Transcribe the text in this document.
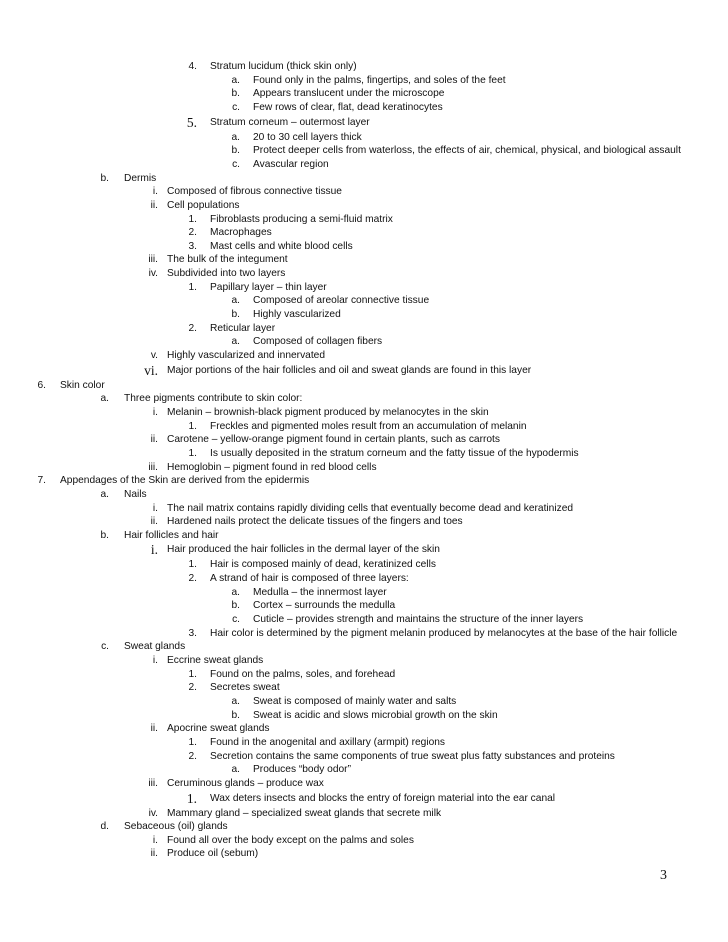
4. Stratum lucidum (thick skin only)
a. Found only in the palms, fingertips, and soles of the feet
b. Appears translucent under the microscope
c. Few rows of clear, flat, dead keratinocytes
5. Stratum corneum – outermost layer
a. 20 to 30 cell layers thick
b. Protect deeper cells from waterloss, the effects of air, chemical, physical, and biological assault
c. Avascular region
b. Dermis
i. Composed of fibrous connective tissue
ii. Cell populations
1. Fibroblasts producing a semi-fluid matrix
2. Macrophages
3. Mast cells and white blood cells
iii. The bulk of the integument
iv. Subdivided into two layers
1. Papillary layer – thin layer
a. Composed of areolar connective tissue
b. Highly vascularized
2. Reticular layer
a. Composed of collagen fibers
v. Highly vascularized and innervated
vi. Major portions of the hair follicles and oil and sweat glands are found in this layer
6. Skin color
a. Three pigments contribute to skin color:
i. Melanin – brownish-black pigment produced by melanocytes in the skin
1. Freckles and pigmented moles result from an accumulation of melanin
ii. Carotene – yellow-orange pigment found in certain plants, such as carrots
1. Is usually deposited in the stratum corneum and the fatty tissue of the hypodermis
iii. Hemoglobin – pigment found in red blood cells
7. Appendages of the Skin are derived from the epidermis
a. Nails
i. The nail matrix contains rapidly dividing cells that eventually become dead and keratinized
ii. Hardened nails protect the delicate tissues of the fingers and toes
b. Hair follicles and hair
i. Hair produced the hair follicles in the dermal layer of the skin
1. Hair is composed mainly of dead, keratinized cells
2. A strand of hair is composed of three layers:
a. Medulla – the innermost layer
b. Cortex – surrounds the medulla
c. Cuticle – provides strength and maintains the structure of the inner layers
3. Hair color is determined by the pigment melanin produced by melanocytes at the base of the hair follicle
c. Sweat glands
i. Eccrine sweat glands
1. Found on the palms, soles, and forehead
2. Secretes sweat
a. Sweat is composed of mainly water and salts
b. Sweat is acidic and slows microbial growth on the skin
ii. Apocrine sweat glands
1. Found in the anogenital and axillary (armpit) regions
2. Secretion contains the same components of true sweat plus fatty substances and proteins
a. Produces “body odor”
iii. Ceruminous glands – produce wax
1. Wax deters insects and blocks the entry of foreign material into the ear canal
iv. Mammary gland – specialized sweat glands that secrete milk
d. Sebaceous (oil) glands
i. Found all over the body except on the palms and soles
ii. Produce oil (sebum)
3
